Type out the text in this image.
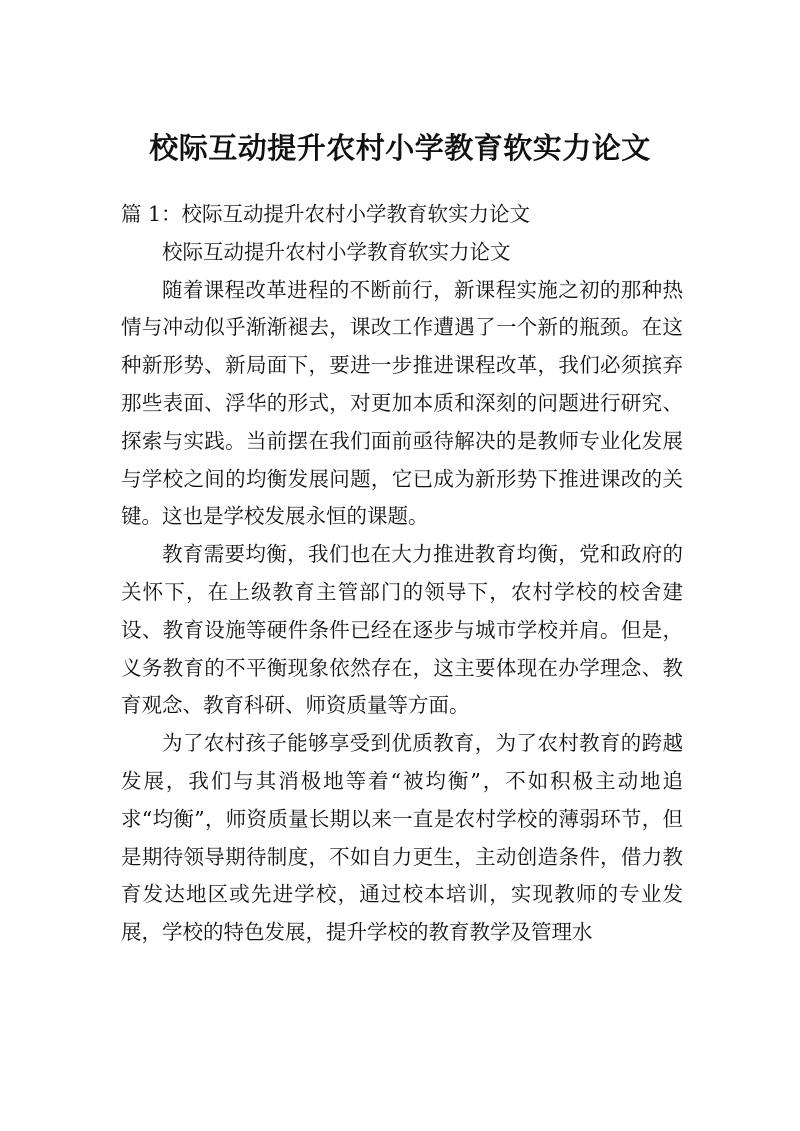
校际互动提升农村小学教育软实力论文

篇 1：校际互动提升农村小学教育软实力论文

校际互动提升农村小学教育软实力论文

随着课程改革进程的不断前行，新课程实施之初的那种热情与冲动似乎渐渐褪去，课改工作遭遇了一个新的瓶颈。在这种新形势、新局面下，要进一步推进课程改革，我们必须摈弃那些表面、浮华的形式，对更加本质和深刻的问题进行研究、探索与实践。当前摆在我们面前亟待解决的是教师专业化发展与学校之间的均衡发展问题，它已成为新形势下推进课改的关键。这也是学校发展永恒的课题。

教育需要均衡，我们也在大力推进教育均衡，党和政府的关怀下，在上级教育主管部门的领导下，农村学校的校舍建设、教育设施等硬件条件已经在逐步与城市学校并肩。但是，义务教育的不平衡现象依然存在，这主要体现在办学理念、教育观念、教育科研、师资质量等方面。

为了农村孩子能够享受到优质教育，为了农村教育的跨越发展，我们与其消极地等着“被均衡”，不如积极主动地追求“均衡”，师资质量长期以来一直是农村学校的薄弱环节，但是期待领导期待制度，不如自力更生，主动创造条件，借力教育发达地区或先进学校，通过校本培训，实现教师的专业发展，学校的特色发展，提升学校的教育教学及管理水
